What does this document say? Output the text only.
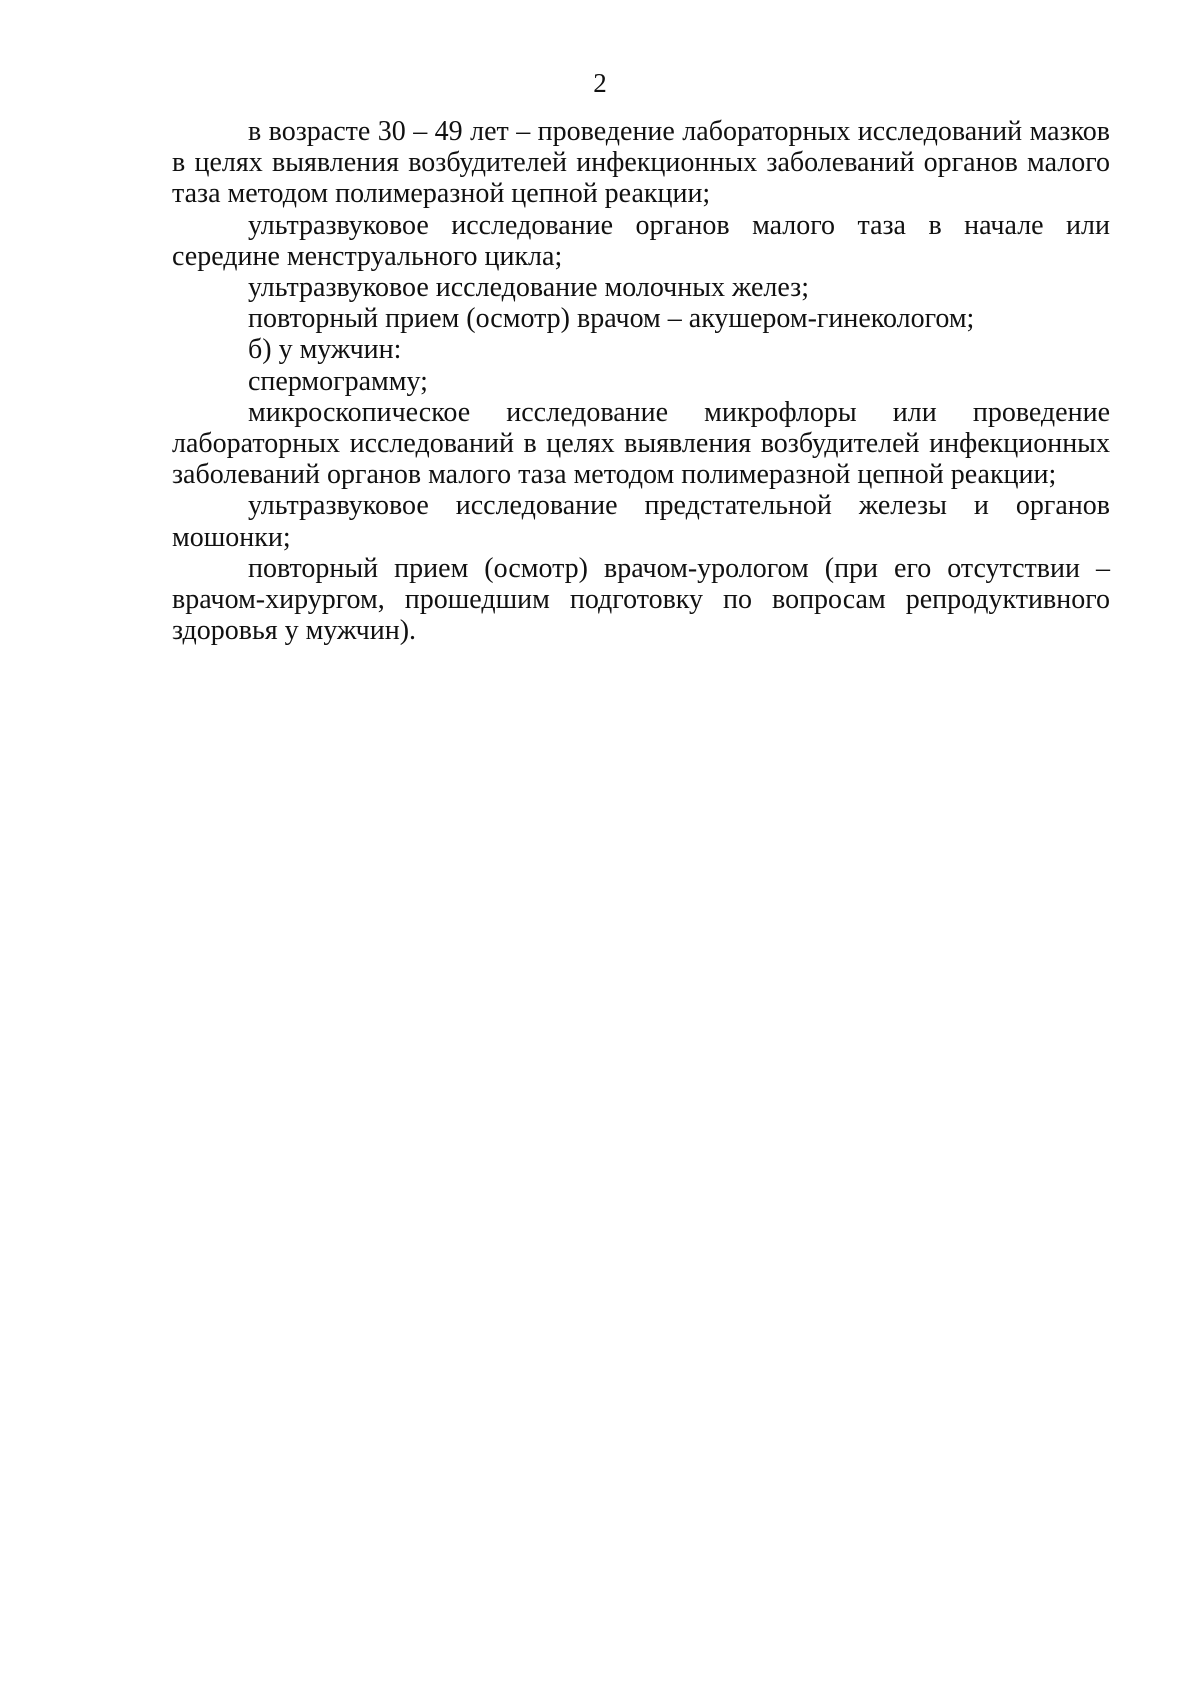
2

в возрасте 30 – 49 лет – проведение лабораторных исследований мазков в целях выявления возбудителей инфекционных заболеваний органов малого таза методом полимеразной цепной реакции;

ультразвуковое исследование органов малого таза в начале или середине менструального цикла;

ультразвуковое исследование молочных желез;

повторный прием (осмотр) врачом – акушером-гинекологом;

б) у мужчин:

спермограмму;

микроскопическое исследование микрофлоры или проведение лабораторных исследований в целях выявления возбудителей инфекционных заболеваний органов малого таза методом полимеразной цепной реакции;

ультразвуковое исследование предстательной железы и органов мошонки;

повторный прием (осмотр) врачом-урологом (при его отсутствии – врачом-хирургом, прошедшим подготовку по вопросам репродуктивного здоровья у мужчин).
